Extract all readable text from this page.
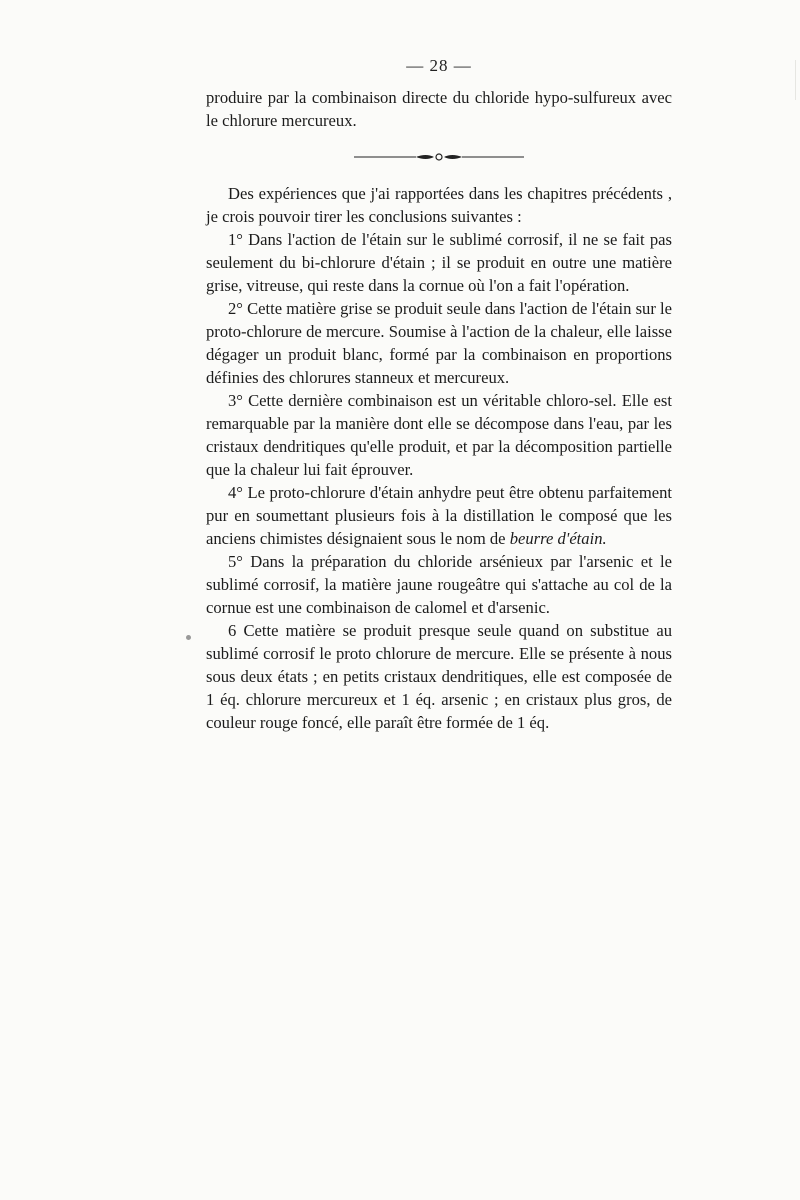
— 28 —

produire par la combinaison directe du chloride hypo-sulfureux avec le chlorure mercureux.

Des expériences que j'ai rapportées dans les chapitres précédents , je crois pouvoir tirer les conclusions suivantes :

1° Dans l'action de l'étain sur le sublimé corrosif, il ne se fait pas seulement du bi-chlorure d'étain ; il se produit en outre une matière grise, vitreuse, qui reste dans la cornue où l'on a fait l'opération.

2° Cette matière grise se produit seule dans l'action de l'étain sur le proto-chlorure de mercure. Soumise à l'action de la chaleur, elle laisse dégager un produit blanc, formé par la combinaison en proportions définies des chlorures stanneux et mercureux.

3° Cette dernière combinaison est un véritable chloro-sel. Elle est remarquable par la manière dont elle se décompose dans l'eau, par les cristaux dendritiques qu'elle produit, et par la décomposition partielle que la chaleur lui fait éprouver.

4° Le proto-chlorure d'étain anhydre peut être obtenu parfaitement pur en soumettant plusieurs fois à la distillation le composé que les anciens chimistes désignaient sous le nom de beurre d'étain.

5° Dans la préparation du chloride arsénieux par l'arsenic et le sublimé corrosif, la matière jaune rougeâtre qui s'attache au col de la cornue est une combinaison de calomel et d'arsenic.

6 Cette matière se produit presque seule quand on substitue au sublimé corrosif le proto chlorure de mercure. Elle se présente à nous sous deux états ; en petits cristaux dendritiques, elle est composée de 1 éq. chlorure mercureux et 1 éq. arsenic ; en cristaux plus gros, de couleur rouge foncé, elle paraît être formée de 1 éq.
